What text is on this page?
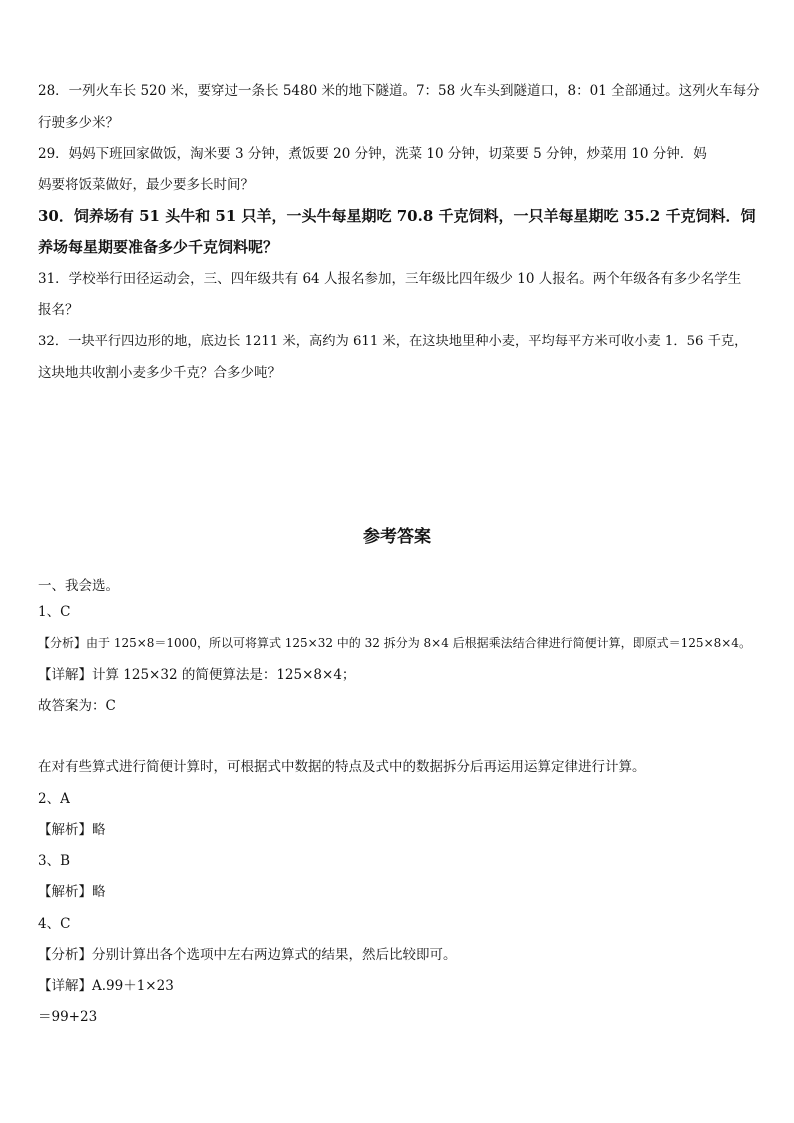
28．一列火车长 520 米，要穿过一条长 5480 米的地下隧道。7：58 火车头到隧道口，8：01 全部通过。这列火车每分
行驶多少米？
29．妈妈下班回家做饭，淘米要 3 分钟，煮饭要 20 分钟，洗菜 10 分钟，切菜要 5 分钟，炒菜用 10 分钟．妈
妈要将饭菜做好，最少要多长时间？
30．饲养场有 51 头牛和 51 只羊，一头牛每星期吃 70.8 千克饲料，一只羊每星期吃 35.2 千克饲料．饲
养场每星期要准备多少千克饲料呢？
31．学校举行田径运动会，三、四年级共有 64 人报名参加，三年级比四年级少 10 人报名。两个年级各有多少名学生
报名？
32．一块平行四边形的地，底边长 1211 米，高约为 611 米，在这块地里种小麦，平均每平方米可收小麦 1．56 千克，
这块地共收割小麦多少千克？合多少吨？
参考答案
一、我会选。
1、C
【分析】由于 125×8＝1000，所以可将算式 125×32 中的 32 拆分为 8×4 后根据乘法结合律进行简便计算，即原式＝125×8×4。
【详解】计算 125×32 的简便算法是：125×8×4；
故答案为：C
在对有些算式进行简便计算时，可根据式中数据的特点及式中的数据拆分后再运用运算定律进行计算。
2、A
【解析】略
3、B
【解析】略
4、C
【分析】分别计算出各个选项中左右两边算式的结果，然后比较即可。
【详解】A.99＋1×23
＝99+23
